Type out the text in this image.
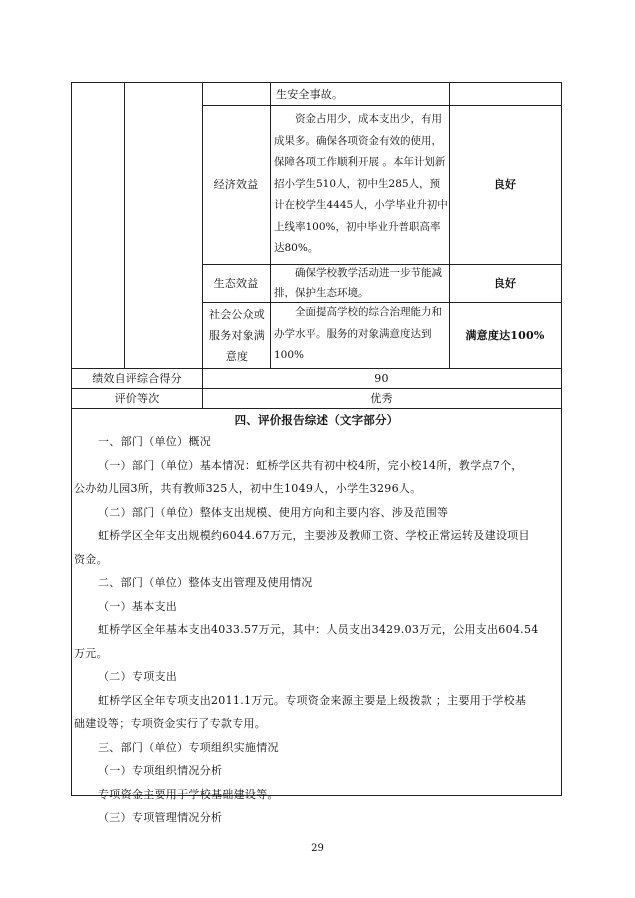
生安全事故。
经济效益
资金占用少，成本支出少，有用成果多。确保各项资金有效的使用，保障各项工作顺利开展 。本年计划新招小学生510人，初中生285人，预计在校学生4445人，小学毕业升初中上线率100%，初中毕业升普职高率达80%。
良好
生态效益
确保学校教学活动进一步节能减排，保护生态环境。
良好
社会公众或服务对象满意度
全面提高学校的综合治理能力和办学水平。服务的对象满意度达到100%
满意度达100%
绩效自评综合得分	90
评价等次	优秀
四、评价报告综述（文字部分）

一、部门（单位）概况

（一）部门（单位）基本情况：虹桥学区共有初中校4所，完小校14所，教学点7个，

公办幼儿园3所，共有教师325人，初中生1049人，小学生3296人。

（二）部门（单位）整体支出规模、使用方向和主要内容、涉及范围等

虹桥学区全年支出规模约6044.67万元，主要涉及教师工资、学校正常运转及建设项目

资金。

二、部门（单位）整体支出管理及使用情况

（一）基本支出

虹桥学区全年基本支出4033.57万元，其中：人员支出3429.03万元，公用支出604.54

万元。

（二）专项支出

虹桥学区全年专项支出2011.1万元。专项资金来源主要是上级拨款 ；主要用于学校基

础建设等；专项资金实行了专款专用。

三、部门（单位）专项组织实施情况

（一）专项组织情况分析

专项资金主要用于学校基础建设等。

（三）专项管理情况分析

29
